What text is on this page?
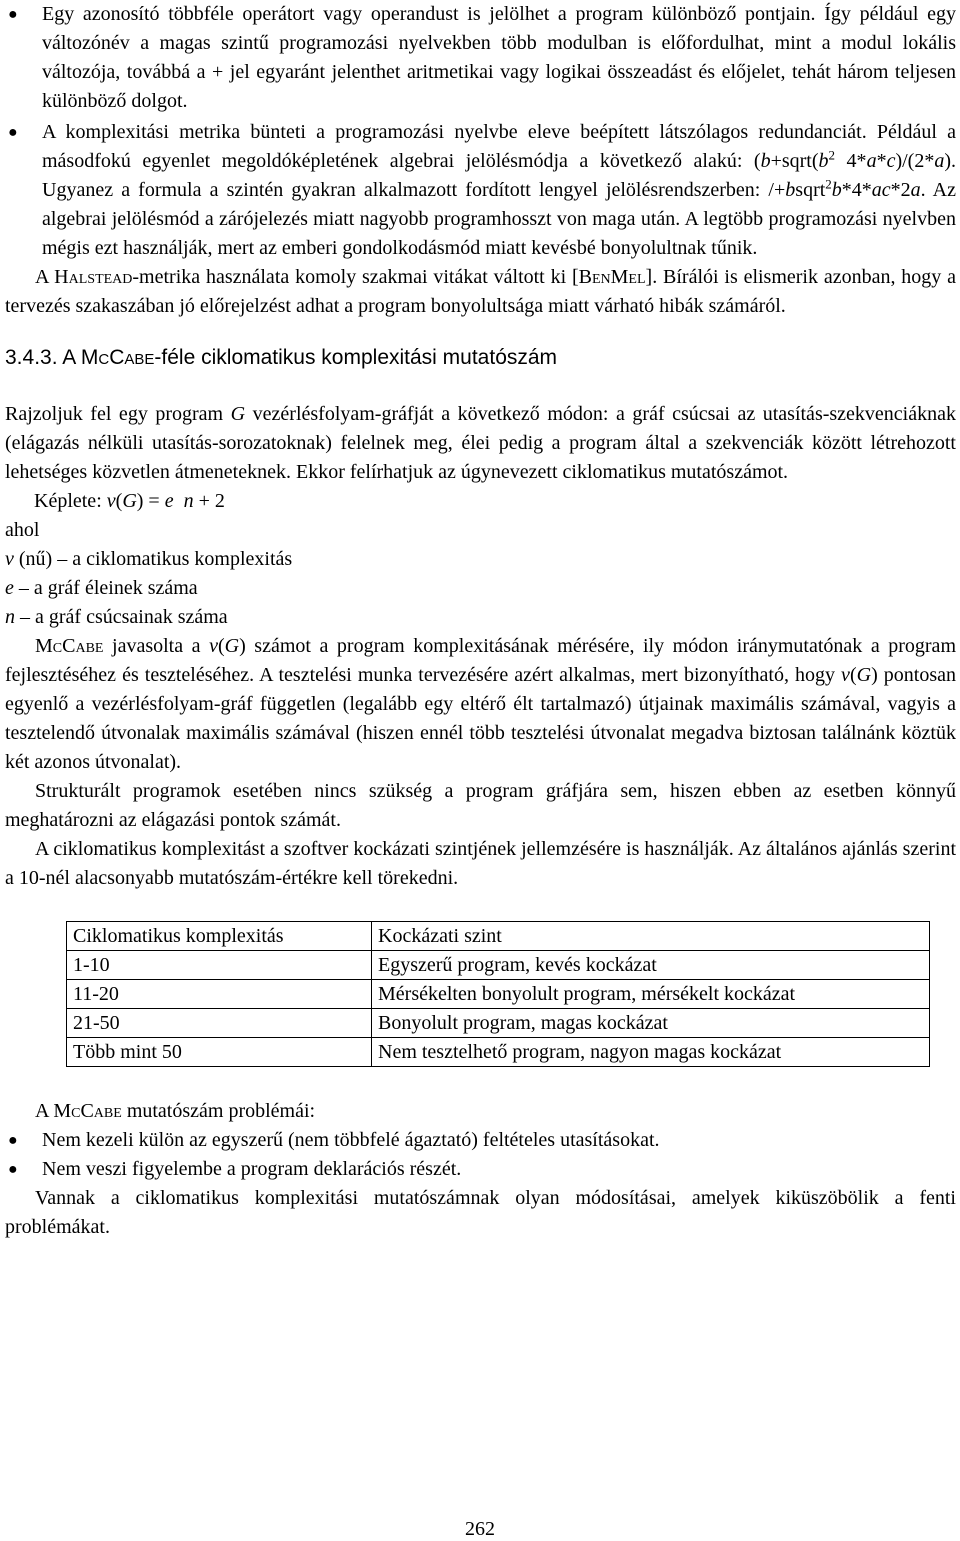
● Egy azonosító többféle operátort vagy operandust is jelölhet a program különböző pontjain. Így például egy változónév a magas szintű programozási nyelvekben több modulban is előfordulhat, mint a modul lokális változója, továbbá a + jel egyaránt jelenthet aritmetikai vagy logikai összeadást és előjelet, tehát három teljesen különböző dolgot.
● A komplexitási metrika bünteti a programozási nyelvbe eleve beépített látszólagos redundanciát. Például a másodfokú egyenlet megoldóképletének algebrai jelölésmódja a következő alakú: ($b+sqrt(b^2$ 4*a*c)/(2*a). Ugyanez a formula a szintén gyakran alkalmazott fordított lengyel jelölésrendszerben: /+bsqrt$^2$b*4*ac*2a. Az algebrai jelölésmód a zárójelezés miatt nagyobb programhosszt von maga után. A legtöbb programozási nyelvben mégis ezt használják, mert az emberi gondolkodásmód miatt kevésbé bonyolultnak tűnik.

A Halstead-metrika használata komoly szakmai vitákat váltott ki [BenMel]. Bírálói is elismerik azonban, hogy a tervezés szakaszában jó előrejelzést adhat a program bonyolultsága miatt várható hibák számáról.

3.4.3. A McCabe-féle ciklomatikus komplexitási mutatószám

Rajzoljuk fel egy program G vezérlésfolyam-gráfját a következő módon: a gráf csúcsai az utasítás-szekvenciáknak (elágazás nélküli utasítás-sorozatoknak) felelnek meg, élei pedig a program által a szekvenciák között létrehozott lehetséges közvetlen átmeneteknek. Ekkor felírhatjuk az úgynevezett ciklomatikus mutatószámot.

Képlete: v(G) = e n + 2

ahol

v (nű) – a ciklomatikus komplexitás

e – a gráf éleinek száma

n – a gráf csúcsainak száma

McCabe javasolta a v(G) számot a program komplexitásának mérésére, ily módon iránymutatónak a program fejlesztéséhez és teszteléséhez. A tesztelési munka tervezésére azért alkalmas, mert bizonyítható, hogy v(G) pontosan egyenlő a vezérlésfolyam-gráf független (legalább egy eltérő élt tartalmazó) útjainak maximális számával, vagyis a tesztelendő útvonalak maximális számával (hiszen ennél több tesztelési útvonalat megadva biztosan találnánk köztük két azonos útvonalat).

Strukturált programok esetében nincs szükség a program gráfjára sem, hiszen ebben az esetben könnyű meghatározni az elágazási pontok számát.

A ciklomatikus komplexitást a szoftver kockázati szintjének jellemzésére is használják. Az általános ajánlás szerint a 10-nél alacsonyabb mutatószám-értékre kell törekedni.

Ciklomatikus komplexitás	Kockázati szint
1-10	Egyszerű program, kevés kockázat
11-20	Mérsékelten bonyolult program, mérsékelt kockázat
21-50	Bonyolult program, magas kockázat
Több mint 50	Nem tesztelhető program, nagyon magas kockázat

A McCabe mutatószám problémái:

● Nem kezeli külön az egyszerű (nem többfelé ágaztató) feltételes utasításokat.
● Nem veszi figyelembe a program deklarációs részét.

Vannak a ciklomatikus komplexitási mutatószámnak olyan módosításai, amelyek kiküszöbölik a fenti problémákat.

262
